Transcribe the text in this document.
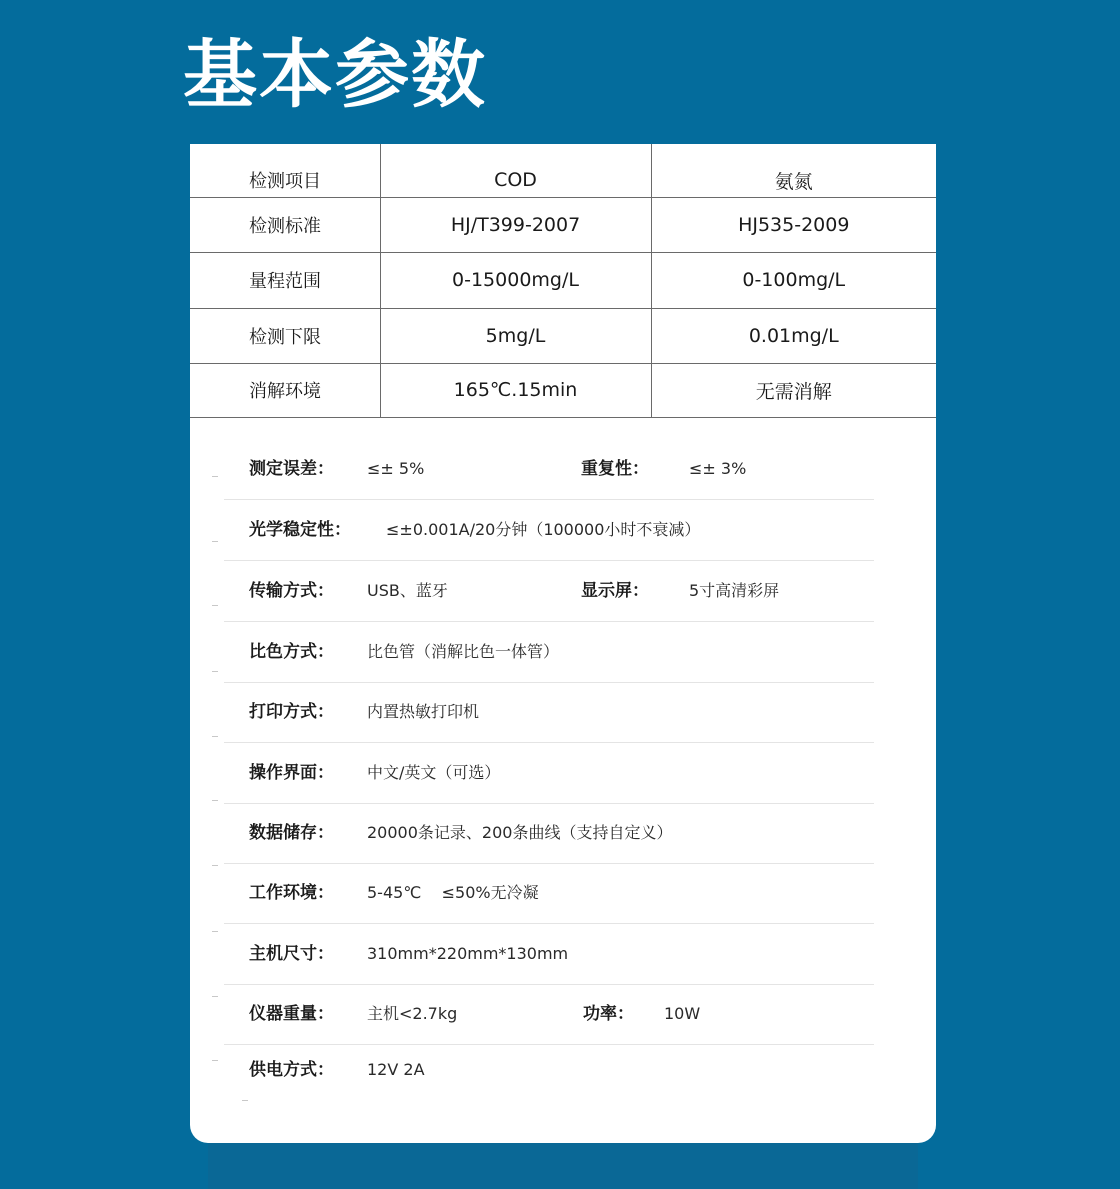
基本参数
检测项目	COD	氨氮
检测标准	HJ/T399-2007	HJ535-2009
量程范围	0-15000mg/L	0-100mg/L
检测下限	5mg/L	0.01mg/L
消解环境	165℃.15min	无需消解
测定误差： ≤± 5%	重复性：	≤± 3%
光学稳定性： ≤±0.001A/20分钟（100000小时不衰减）
传输方式： USB、蓝牙	显示屏：	5寸高清彩屏
比色方式： 比色管（消解比色一体管）
打印方式： 内置热敏打印机
操作界面： 中文/英文（可选）
数据储存： 20000条记录、200条曲线（支持自定义）
工作环境： 5-45℃    ≤50%无冷凝
主机尺寸： 310mm*220mm*130mm
仪器重量： 主机<2.7kg	功率： 10W
供电方式： 12V 2A
